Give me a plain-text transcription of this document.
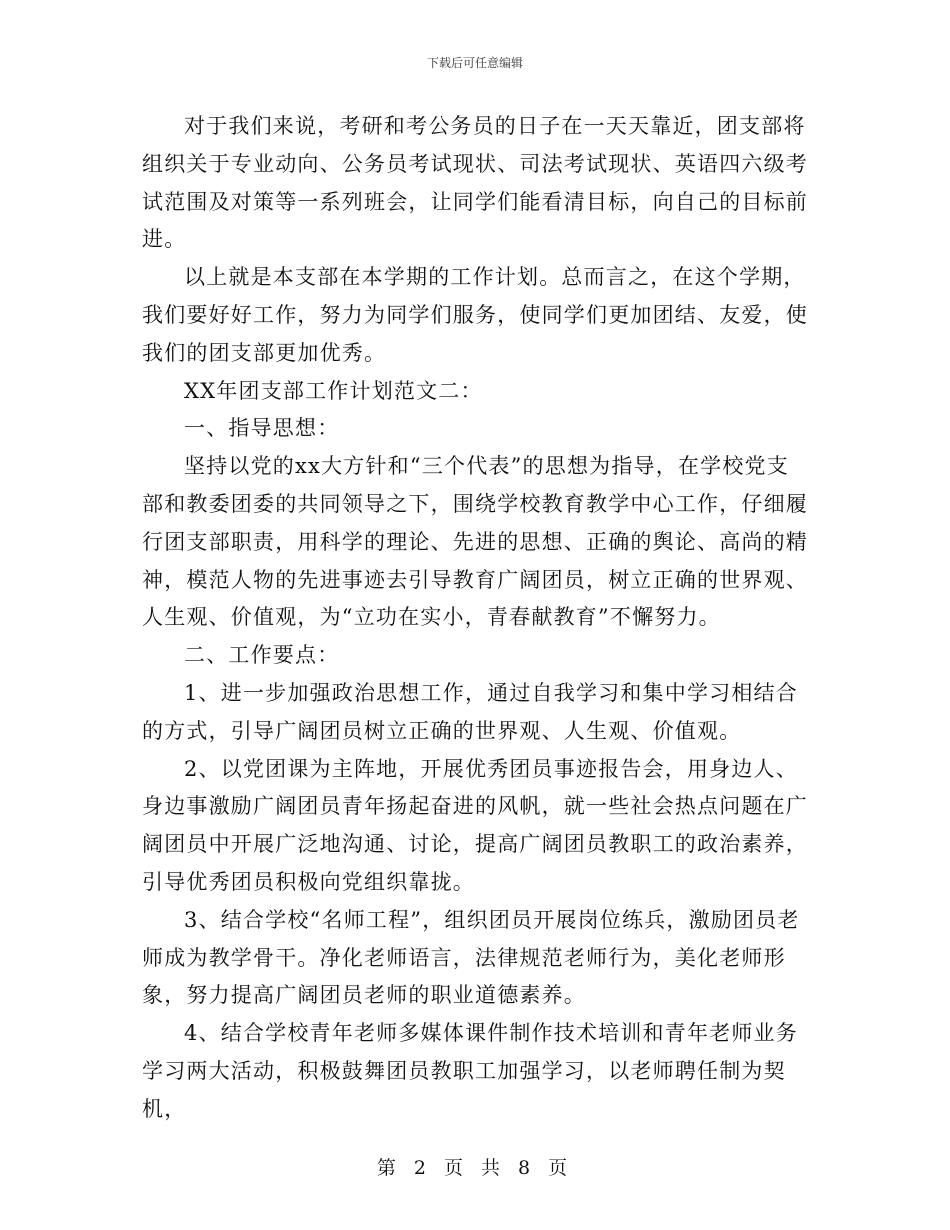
下载后可任意编辑

对于我们来说，考研和考公务员的日子在一天天靠近，团支部将组织关于专业动向、公务员考试现状、司法考试现状、英语四六级考试范围及对策等一系列班会，让同学们能看清目标，向自己的目标前进。

以上就是本支部在本学期的工作计划。总而言之，在这个学期，我们要好好工作，努力为同学们服务，使同学们更加团结、友爱，使我们的团支部更加优秀。

XX年团支部工作计划范文二：

一、指导思想：

坚持以党的xx大方针和“三个代表”的思想为指导，在学校党支部和教委团委的共同领导之下，围绕学校教育教学中心工作，仔细履行团支部职责，用科学的理论、先进的思想、正确的舆论、高尚的精神，模范人物的先进事迹去引导教育广阔团员，树立正确的世界观、人生观、价值观，为“立功在实小，青春献教育”不懈努力。

二、工作要点：

1、进一步加强政治思想工作，通过自我学习和集中学习相结合的方式，引导广阔团员树立正确的世界观、人生观、价值观。

2、以党团课为主阵地，开展优秀团员事迹报告会，用身边人、身边事激励广阔团员青年扬起奋进的风帆，就一些社会热点问题在广阔团员中开展广泛地沟通、讨论，提高广阔团员教职工的政治素养，引导优秀团员积极向党组织靠拢。

3、结合学校“名师工程”，组织团员开展岗位练兵，激励团员老师成为教学骨干。净化老师语言，法律规范老师行为，美化老师形象，努力提高广阔团员老师的职业道德素养。

4、结合学校青年老师多媒体课件制作技术培训和青年老师业务学习两大活动，积极鼓舞团员教职工加强学习，以老师聘任制为契机，

第 2 页 共 8 页
